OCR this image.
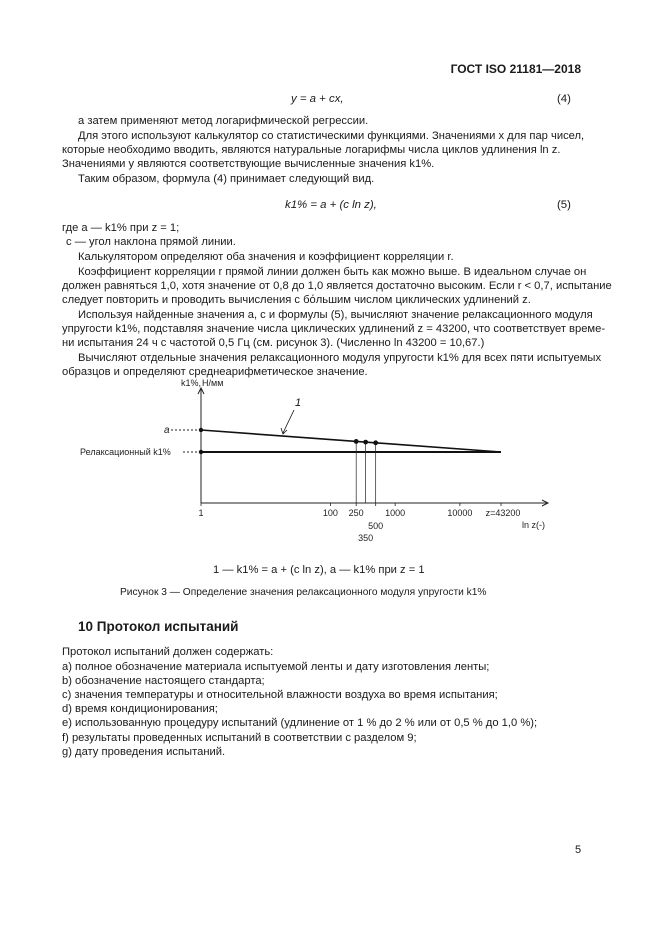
ГОСТ ISO 21181—2018
y = a + cx,	(4)
а затем применяют метод логарифмической регрессии.
Для этого используют калькулятор со статистическими функциями. Значениями x для пар чисел,
которые необходимо вводить, являются натуральные логарифмы числа циклов удлинения ln z.
Значениями y являются соответствующие вычисленные значения k1%.
Таким образом, формула (4) принимает следующий вид.
k1% = a + (c ln z),	(5)
где a — k1% при z = 1;
c — угол наклона прямой линии.
Калькулятором определяют оба значения и коэффициент корреляции r.
Коэффициент корреляции r прямой линии должен быть как можно выше. В идеальном случае он
должен равняться 1,0, хотя значение от 0,8 до 1,0 является достаточно высоким. Если r < 0,7, испытание
следует повторить и проводить вычисления с бόльшим числом циклических удлинений z.
Используя найденные значения a, c и формулы (5), вычисляют значение релаксационного модуля
упругости k1%, подставляя значение числа циклических удлинений z = 43200, что соответствует време-
ни испытания 24 ч с частотой 0,5 Гц (см. рисунок 3). (Численно ln 43200 = 10,67.)
Вычисляют отдельные значения релаксационного модуля упругости k1% для всех пяти испытуемых
образцов и определяют среднеарифметическое значение.
k1%, Н/мм
a
Релаксационный k1%
1
1	100 250
500
1000	10000 z=43200
350
ln z(-)
1 — k1% = a + (c ln z), a — k1% при z = 1
Рисунок 3 — Определение значения релаксационного модуля упругости k1%
10 Протокол испытаний
Протокол испытаний должен содержать:
a) полное обозначение материала испытуемой ленты и дату изготовления ленты;
b) обозначение настоящего стандарта;
c) значения температуры и относительной влажности воздуха во время испытания;
d) время кондиционирования;
e) использованную процедуру испытаний (удлинение от 1 % до 2 % или от 0,5 % до 1,0 %);
f) результаты проведенных испытаний в соответствии с разделом 9;
g) дату проведения испытаний.
5
